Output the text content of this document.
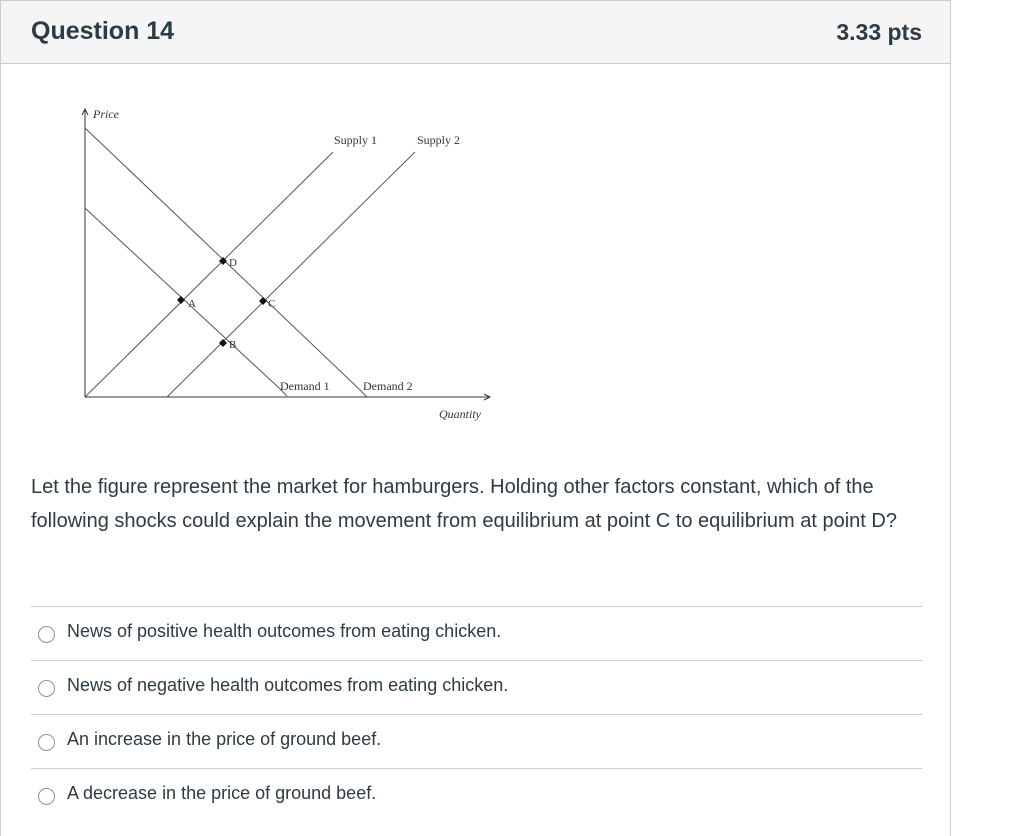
Question 14	3.33 pts
Price
Quantity
Supply 1	Supply 2
Demand 1	Demand 2
A
B
C
D
Let the figure represent the market for hamburgers. Holding other factors constant, which of the following shocks could explain the movement from equilibrium at point C to equilibrium at point D?
News of positive health outcomes from eating chicken.
News of negative health outcomes from eating chicken.
An increase in the price of ground beef.
A decrease in the price of ground beef.
